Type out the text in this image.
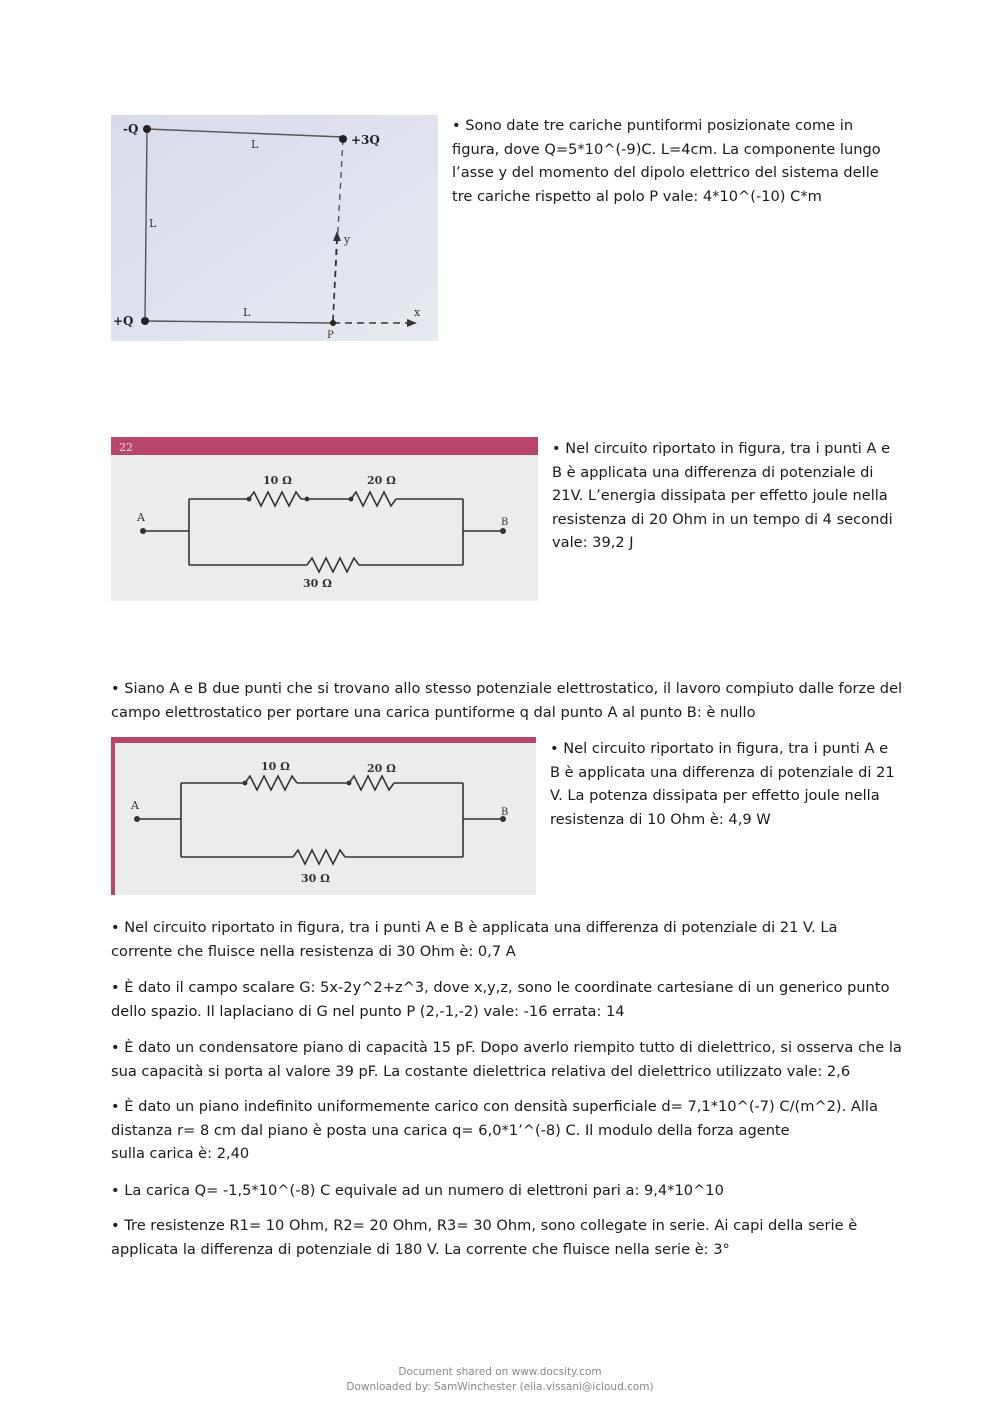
-Q
+3Q
+Q
L
L
L
y
x
P
• Sono date tre cariche puntiformi posizionate come in
figura, dove Q=5*10^(-9)C. L=4cm. La componente lungo
l’asse y del momento del dipolo elettrico del sistema delle
tre cariche rispetto al polo P vale: 4*10^(-10) C*m
22
10 Ω	20 Ω
30 Ω
A	B
• Nel circuito riportato in figura, tra i punti A e
B è applicata una differenza di potenziale di
21V. L’energia dissipata per effetto joule nella
resistenza di 20 Ohm in un tempo di 4 secondi
vale: 39,2 J
• Siano A e B due punti che si trovano allo stesso potenziale elettrostatico, il lavoro compiuto dalle forze del
campo elettrostatico per portare una carica puntiforme q dal punto A al punto B: è nullo
10 Ω	20 Ω
30 Ω
A
B
• Nel circuito riportato in figura, tra i punti A e
B è applicata una differenza di potenziale di 21
V. La potenza dissipata per effetto joule nella
resistenza di 10 Ohm è: 4,9 W
• Nel circuito riportato in figura, tra i punti A e B è applicata una differenza di potenziale di 21 V. La
corrente che fluisce nella resistenza di 30 Ohm è: 0,7 A
• È dato il campo scalare G: 5x-2y^2+z^3, dove x,y,z, sono le coordinate cartesiane di un generico punto
dello spazio. Il laplaciano di G nel punto P (2,-1,-2) vale: -16 errata: 14
• È dato un condensatore piano di capacità 15 pF. Dopo averlo riempito tutto di dielettrico, si osserva che la
sua capacità si porta al valore 39 pF. La costante dielettrica relativa del dielettrico utilizzato vale: 2,6
• È dato un piano indefinito uniformemente carico con densità superficiale d= 7,1*10^(-7) C/(m^2). Alla
distanza r= 8 cm dal piano è posta una carica q= 6,0*1’^(-8) C. Il modulo della forza agente
sulla carica è: 2,40
• La carica Q= -1,5*10^(-8) C equivale ad un numero di elettroni pari a: 9,4*10^10
• Tre resistenze R1= 10 Ohm, R2= 20 Ohm, R3= 30 Ohm, sono collegate in serie. Ai capi della serie è
applicata la differenza di potenziale di 180 V. La corrente che fluisce nella serie è: 3°
Document shared on www.docsity.com
Downloaded by: SamWinchester (elia.vissani@icloud.com)
